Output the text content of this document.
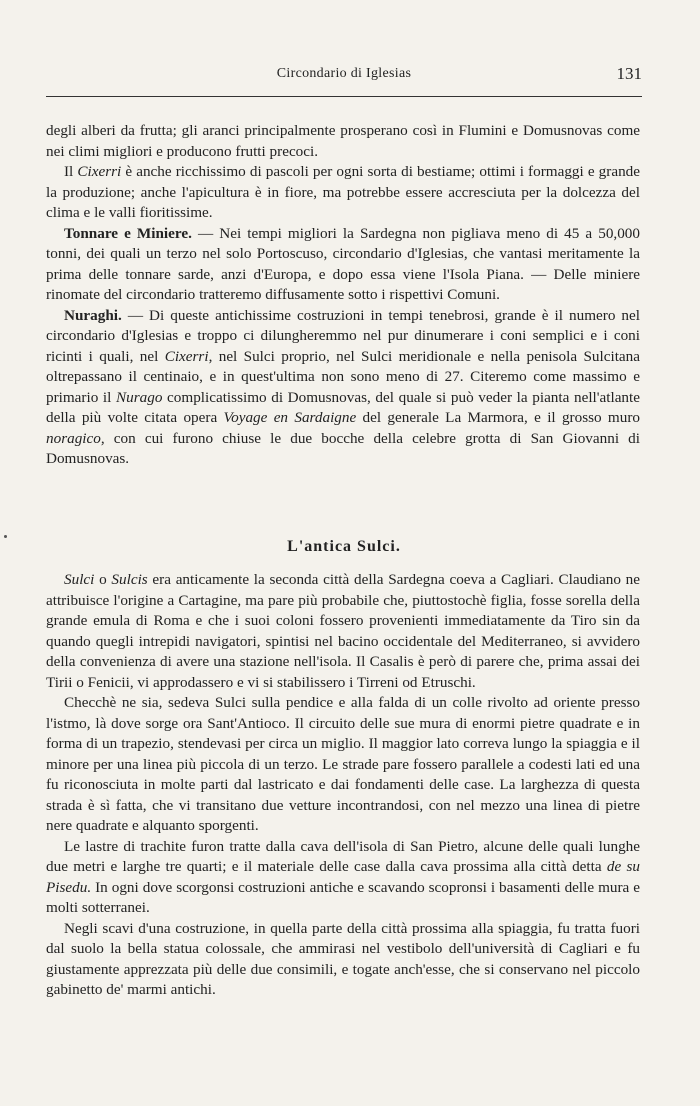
Circondario di Iglesias	131

degli alberi da frutta; gli aranci principalmente prosperano così in Flumini e Domusnovas come nei climi migliori e producono frutti precoci.

Il Cixerri è anche ricchissimo di pascoli per ogni sorta di bestiame; ottimi i formaggi e grande la produzione; anche l'apicultura è in fiore, ma potrebbe essere accresciuta per la dolcezza del clima e le valli fioritissime.

Tonnare e Miniere. — Nei tempi migliori la Sardegna non pigliava meno di 45 a 50,000 tonni, dei quali un terzo nel solo Portoscuso, circondario d'Iglesias, che vantasi meritamente la prima delle tonnare sarde, anzi d'Europa, e dopo essa viene l'Isola Piana. — Delle miniere rinomate del circondario tratteremo diffusamente sotto i rispettivi Comuni.

Nuraghi. — Di queste antichissime costruzioni in tempi tenebrosi, grande è il numero nel circondario d'Iglesias e troppo ci dilungheremmo nel pur dinumerare i coni semplici e i coni ricinti i quali, nel Cixerri, nel Sulci proprio, nel Sulci meridionale e nella penisola Sulcitana oltrepassano il centinaio, e in quest'ultima non sono meno di 27. Citeremo come massimo e primario il Nurago complicatissimo di Domusnovas, del quale si può veder la pianta nell'atlante della più volte citata opera Voyage en Sardaigne del generale La Marmora, e il grosso muro noragico, con cui furono chiuse le due bocche della celebre grotta di San Giovanni di Domusnovas.

L'antica Sulci.

Sulci o Sulcis era anticamente la seconda città della Sardegna coeva a Cagliari. Claudiano ne attribuisce l'origine a Cartagine, ma pare più probabile che, piuttostochè figlia, fosse sorella della grande emula di Roma e che i suoi coloni fossero provenienti immediatamente da Tiro sin da quando quegli intrepidi navigatori, spintisi nel bacino occidentale del Mediterraneo, si avvidero della convenienza di avere una stazione nell'isola. Il Casalis è però di parere che, prima assai dei Tirii o Fenicii, vi approdassero e vi si stabilissero i Tirreni od Etruschi.

Checchè ne sia, sedeva Sulci sulla pendice e alla falda di un colle rivolto ad oriente presso l'istmo, là dove sorge ora Sant'Antioco. Il circuito delle sue mura di enormi pietre quadrate e in forma di un trapezio, stendevasi per circa un miglio. Il maggior lato correva lungo la spiaggia e il minore per una linea più piccola di un terzo. Le strade pare fossero parallele a codesti lati ed una fu riconosciuta in molte parti dal lastricato e dai fondamenti delle case. La larghezza di questa strada è sì fatta, che vi transitano due vetture incontrandosi, con nel mezzo una linea di pietre nere quadrate e alquanto sporgenti.

Le lastre di trachite furon tratte dalla cava dell'isola di San Pietro, alcune delle quali lunghe due metri e larghe tre quarti; e il materiale delle case dalla cava prossima alla città detta de su Pisedu. In ogni dove scorgonsi costruzioni antiche e scavando scopronsi i basamenti delle mura e molti sotterranei.

Negli scavi d'una costruzione, in quella parte della città prossima alla spiaggia, fu tratta fuori dal suolo la bella statua colossale, che ammirasi nel vestibolo dell'università di Cagliari e fu giustamente apprezzata più delle due consimili, e togate anch'esse, che si conservano nel piccolo gabinetto de' marmi antichi.
